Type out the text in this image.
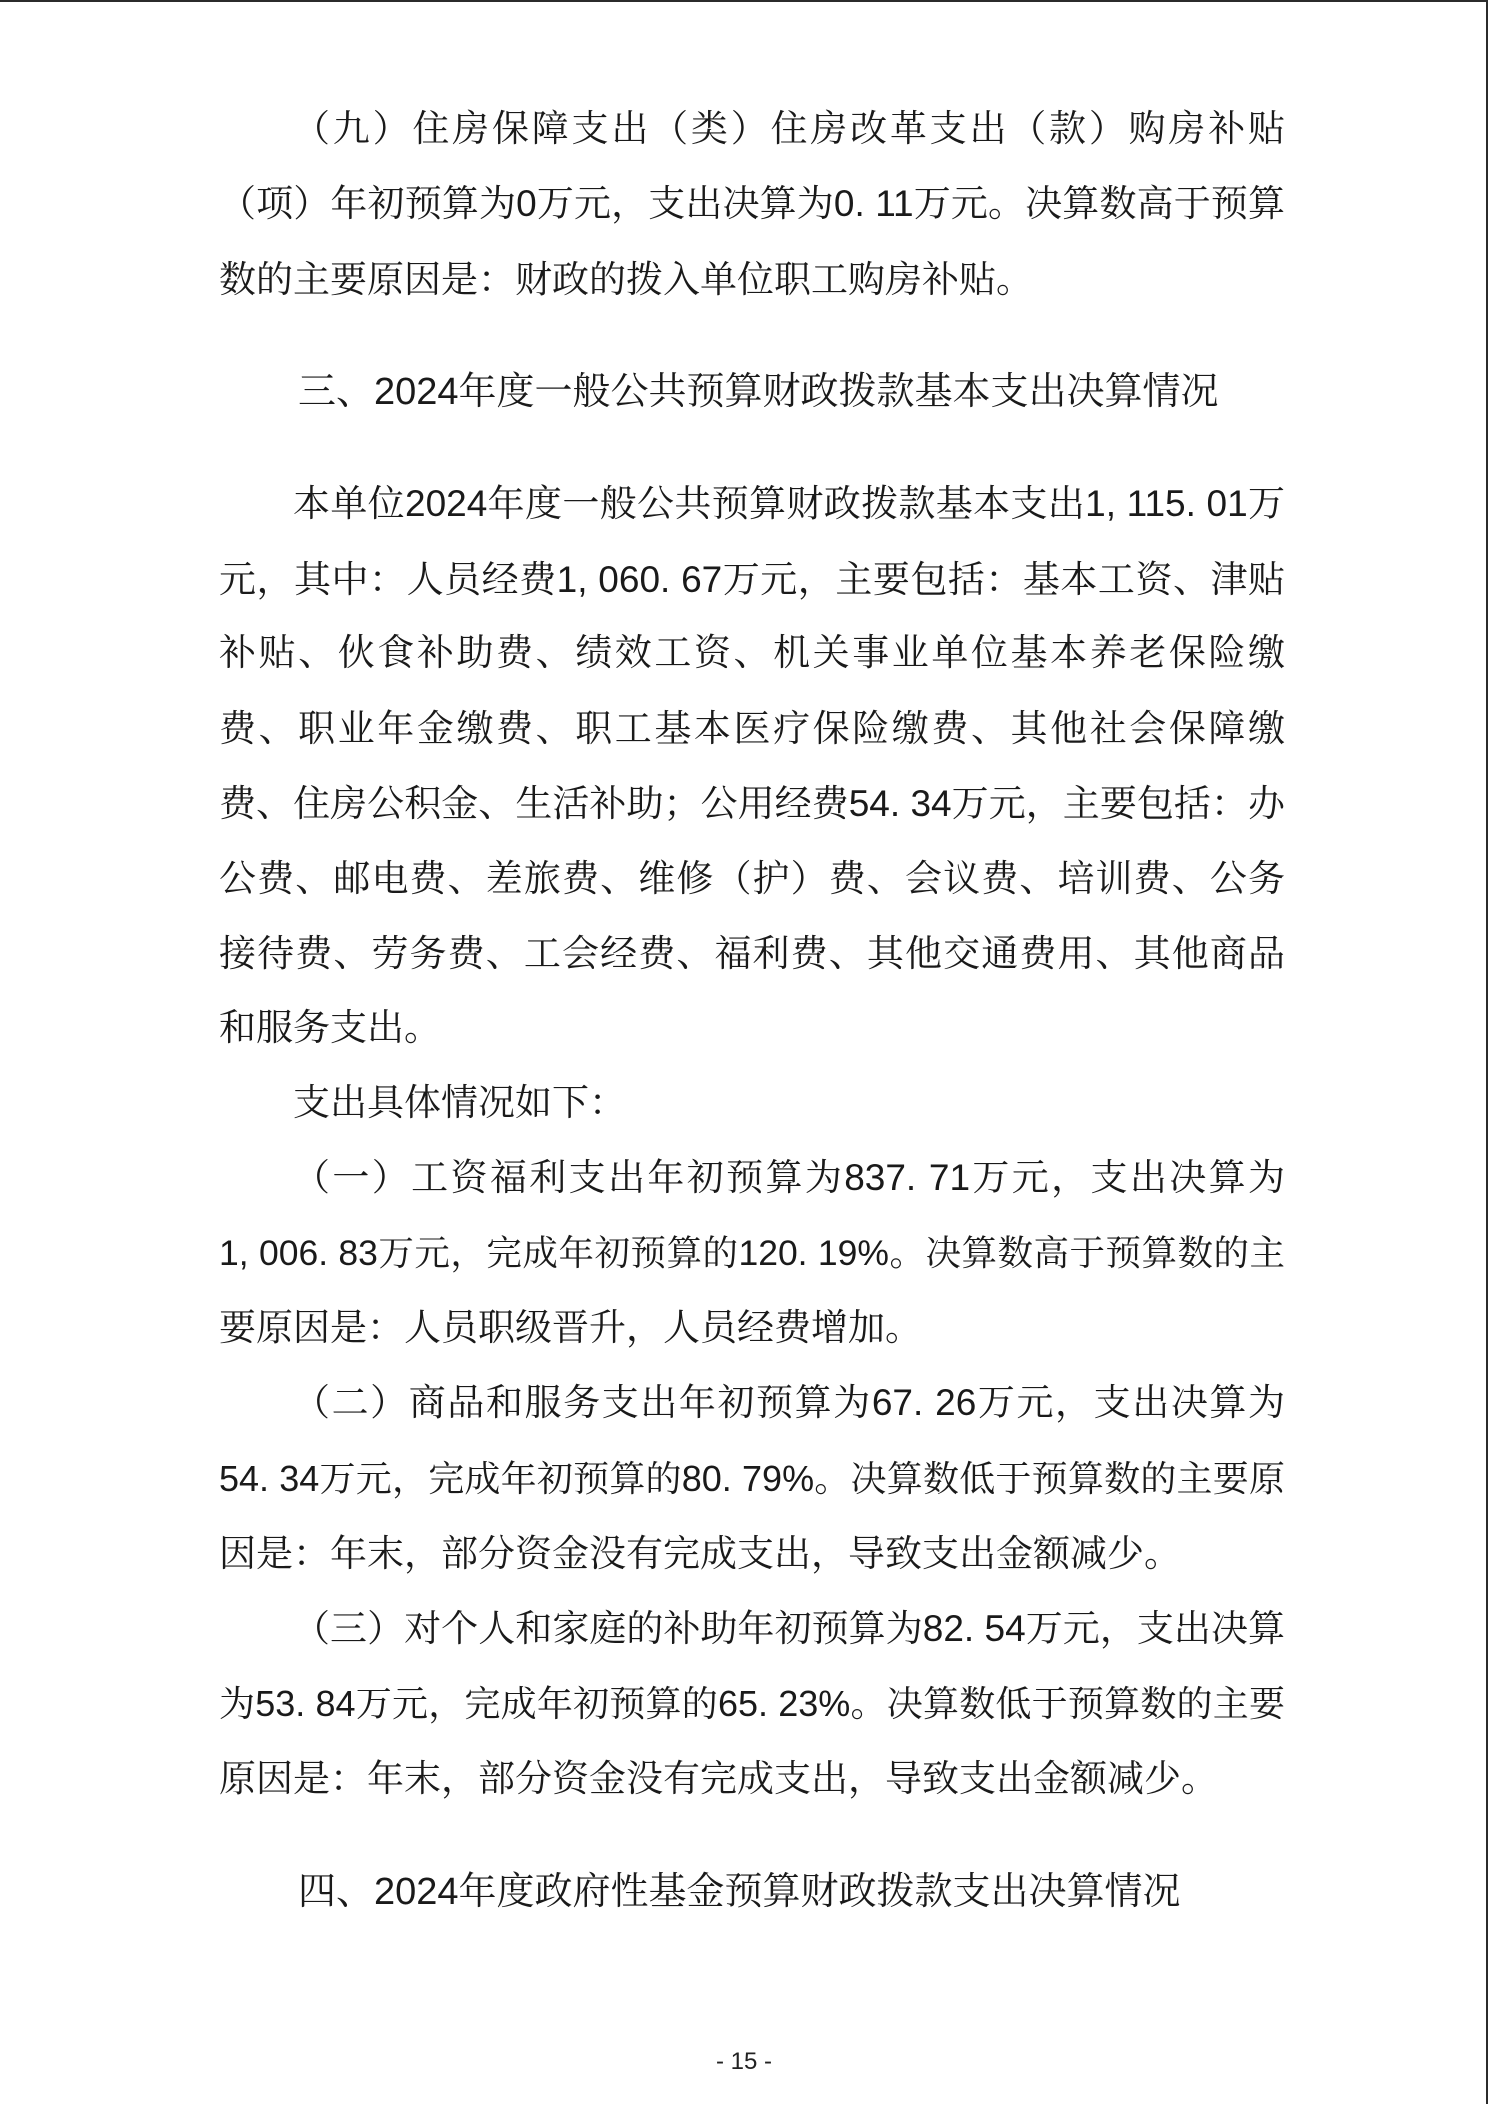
（九）住房保障支出（类）住房改革支出（款）购房补贴
（项）年初预算为0万元，支出决算为0. 11万元。决算数高于预算
数的主要原因是：财政的拨入单位职工购房补贴。
三、2024年度一般公共预算财政拨款基本支出决算情况
本单位2024年度一般公共预算财政拨款基本支出1, 115. 01万
元，其中：人员经费1, 060. 67万元，主要包括：基本工资、津贴
补贴、伙食补助费、绩效工资、机关事业单位基本养老保险缴
费、职业年金缴费、职工基本医疗保险缴费、其他社会保障缴
费、住房公积金、生活补助；公用经费54. 34万元，主要包括：办
公费、邮电费、差旅费、维修（护）费、会议费、培训费、公务
接待费、劳务费、工会经费、福利费、其他交通费用、其他商品
和服务支出。
支出具体情况如下：
（一）工资福利支出年初预算为837. 71万元，支出决算为
1, 006. 83万元，完成年初预算的120. 19%。决算数高于预算数的主
要原因是：人员职级晋升，人员经费增加。
（二）商品和服务支出年初预算为67. 26万元，支出决算为
54. 34万元，完成年初预算的80. 79%。决算数低于预算数的主要原
因是：年末，部分资金没有完成支出，导致支出金额减少。
（三）对个人和家庭的补助年初预算为82. 54万元，支出决算
为53. 84万元，完成年初预算的65. 23%。决算数低于预算数的主要
原因是：年末，部分资金没有完成支出，导致支出金额减少。
四、2024年度政府性基金预算财政拨款支出决算情况
- 15 -
